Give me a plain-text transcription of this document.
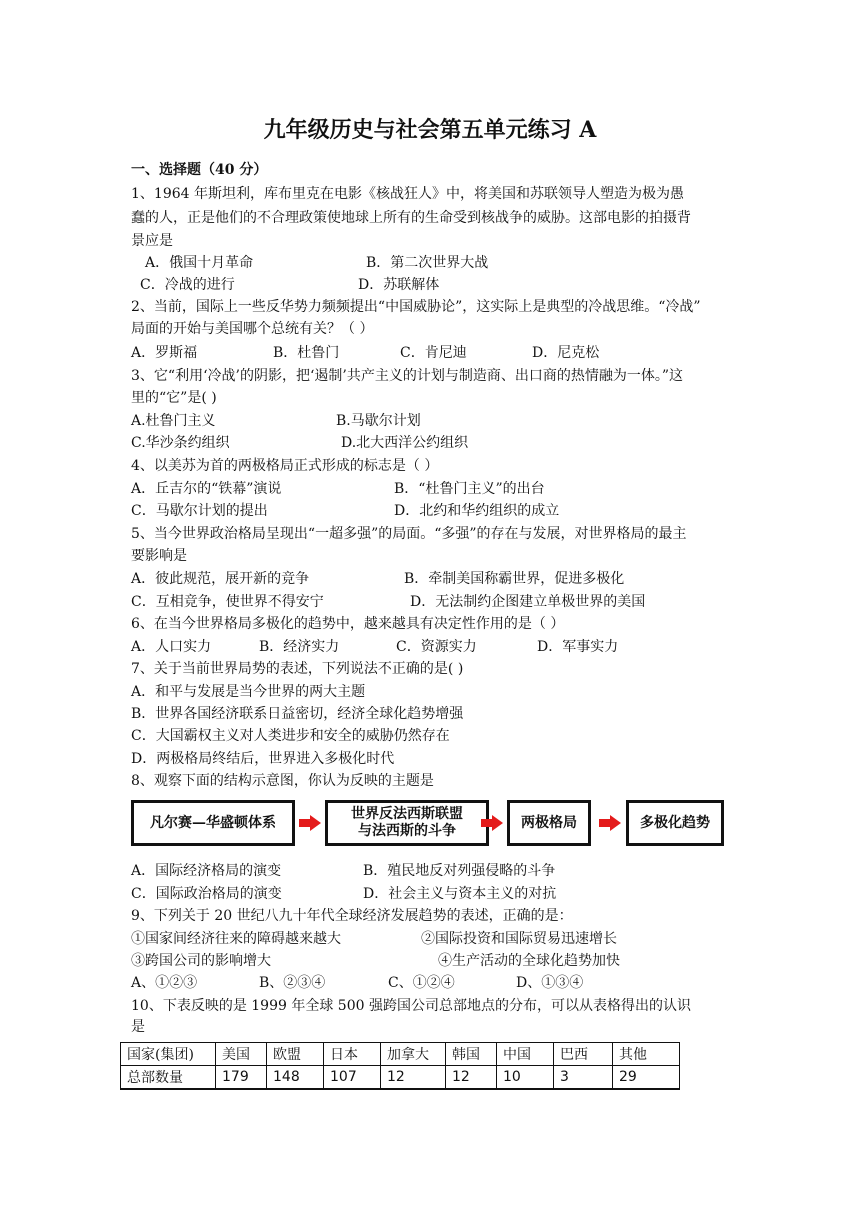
九年级历史与社会第五单元练习 A
一、选择题（40 分）
1、1964 年斯坦利，库布里克在电影《核战狂人》中，将美国和苏联领导人塑造为极为愚
蠢的人，正是他们的不合理政策使地球上所有的生命受到核战争的威胁。这部电影的拍摄背
景应是
A．俄国十月革命	B．第二次世界大战
C．冷战的进行	D．苏联解体
2、当前，国际上一些反华势力频频提出“中国威胁论”，这实际上是典型的冷战思维。“冷战”
局面的开始与美国哪个总统有关？（ ）
A．罗斯福	B．杜鲁门	C．肯尼迪	D．尼克松
3、它“利用‘冷战’的阴影，把‘遏制’共产主义的计划与制造商、出口商的热情融为一体。”这
里的“它”是( )
A.杜鲁门主义	B.马歇尔计划
C.华沙条约组织	D.北大西洋公约组织
4、以美苏为首的两极格局正式形成的标志是（ ）
A．丘吉尔的“铁幕”演说	B．“杜鲁门主义”的出台
C．马歇尔计划的提出	D．北约和华约组织的成立
5、当今世界政治格局呈现出“一超多强”的局面。“多强”的存在与发展，对世界格局的最主
要影响是
A．彼此规范，展开新的竞争	B．牵制美国称霸世界，促进多极化
C．互相竞争，使世界不得安宁	D．无法制约企图建立单极世界的美国
6、在当今世界格局多极化的趋势中，越来越具有决定性作用的是（ ）
A．人口实力	B．经济实力	C．资源实力	D．军事实力
7、关于当前世界局势的表述，下列说法不正确的是( )
A．和平与发展是当今世界的两大主题
B．世界各国经济联系日益密切，经济全球化趋势增强
C．大国霸权主义对人类进步和安全的威胁仍然存在
D．两极格局终结后，世界进入多极化时代
8、观察下面的结构示意图，你认为反映的主题是
凡尔赛—华盛顿体系
世界反法西斯联盟
与法西斯的斗争
两极格局	多极化趋势
A．国际经济格局的演变	B．殖民地反对列强侵略的斗争
C．国际政治格局的演变	D．社会主义与资本主义的对抗
9、下列关于 20 世纪八九十年代全球经济发展趋势的表述，正确的是：
①国家间经济往来的障碍越来越大	②国际投资和国际贸易迅速增长
③跨国公司的影响增大	④生产活动的全球化趋势加快
A、①②③	B、②③④	C、①②④	D、①③④
10、下表反映的是 1999 年全球 500 强跨国公司总部地点的分布，可以从表格得出的认识
是
国家(集团)	美国	欧盟	日本	加拿大	韩国	中国	巴西	其他
总部数量	179	148	107	12	12	10	3	29
